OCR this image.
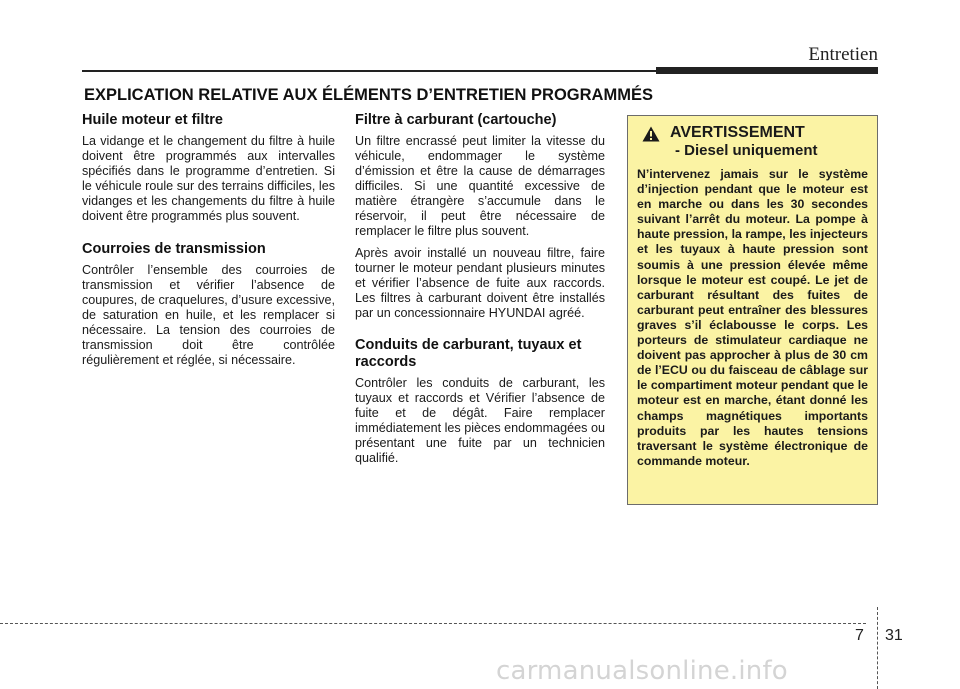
Entretien
EXPLICATION RELATIVE AUX ÉLÉMENTS D’ENTRETIEN PROGRAMMÉS
Huile moteur et filtre

La vidange et le changement du filtre à huile doivent être programmés aux intervalles spécifiés dans le programme d’entretien. Si le véhicule roule sur des terrains difficiles, les vidanges et les changements du filtre à huile doivent être programmés plus souvent.

Courroies de transmission

Contrôler l’ensemble des courroies de transmission et vérifier l’absence de coupures, de craquelures, d’usure excessive, de saturation en huile, et les remplacer si nécessaire. La tension des courroies de transmission doit être contrôlée régulièrement et réglée, si nécessaire.

Filtre à carburant (cartouche)

Un filtre encrassé peut limiter la vitesse du véhicule, endommager le système d’émission et être la cause de démarrages difficiles. Si une quantité excessive de matière étrangère s’accumule dans le réservoir, il peut être nécessaire de remplacer le filtre plus souvent.

Après avoir installé un nouveau filtre, faire tourner le moteur pendant plusieurs minutes et vérifier l’absence de fuite aux raccords. Les filtres à carburant doivent être installés par un concessionnaire HYUNDAI agréé.

Conduits de carburant, tuyaux et raccords

Contrôler les conduits de carburant, les tuyaux et raccords et Vérifier l’absence de fuite et de dégât. Faire remplacer immédiatement les pièces endommagées ou présentant une fuite par un technicien qualifié.

AVERTISSEMENT
- Diesel uniquement

N’intervenez jamais sur le système d’injection pendant que le moteur est en marche ou dans les 30 secondes suivant l’arrêt du moteur. La pompe à haute pression, la rampe, les injecteurs et les tuyaux à haute pression sont soumis à une pression élevée même lorsque le moteur est coupé. Le jet de carburant résultant des fuites de carburant peut entraîner des blessures graves s’il éclabousse le corps. Les porteurs de stimulateur cardiaque ne doivent pas approcher à plus de 30 cm de l’ECU ou du faisceau de câblage sur le compartiment moteur pendant que le moteur est en marche, étant donné les champs magnétiques importants produits par les hautes tensions traversant le système électronique de commande moteur.

7 31
carmanualsonline.info
